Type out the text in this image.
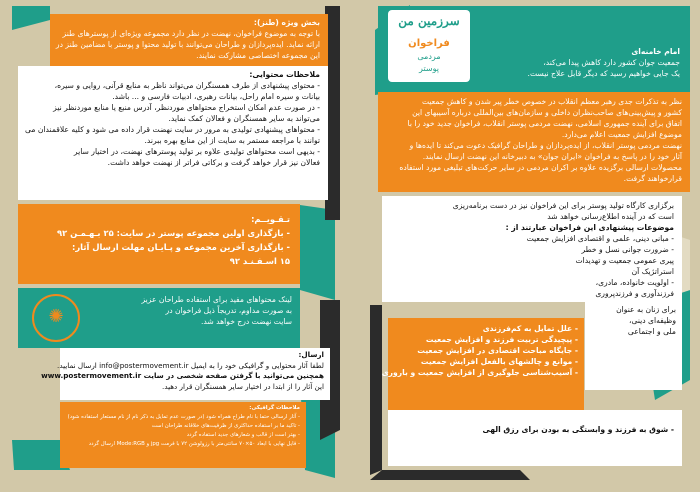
سرزمین من
فراخوان
مردمی
پوستر
امام خامنه‌ای
جمعیت جوان کشور دارد کاهش پیدا می‌کند،
یک جایی خواهیم رسید که دیگر قابل علاج نیست.
نظر به تذکرات جدی رهبر معظم انقلاب در خصوص خطر پیر شدن و کاهش جمعیت
کشور و پیش‌بینی‌های صاحب‌نظران داخلی و سازمان‌های بین‌المللی درباره آسیبهای این
اتفاق برای آینده جمهوری اسلامی، نهضت مردمی پوستر انقلاب، فراخوان جدید خود را با
موضوع افزایش جمعیت اعلام می‌دارد.
نهضت مردمی پوستر انقلاب، از ایده‌پردازان و طراحان گرافیک دعوت می‌کند تا ایده‌ها و
آثار خود را در پاسخ به فراخوان «ایران جوان» به دبیرخانه این نهضت ارسال نمایند.
محصولات ارسالی برگزیده علاوه بر اکران مردمی در سایر حرکت‌های تبلیغی مورد استفاده
قرارخواهند گرفت.
برگزاری کارگاه تولید پوستر برای این فراخوان نیز در دست برنامه‌ریزی
است که در آینده اطلاع‌رسانی خواهد شد
موضوعات پیشنهادی این فراخوان عبارتند از :
- مبانی دینی، علمی و اقتصادی افزایش جمعیت
- ضرورت جوانی نسل و خطر
پیری عمومی جمعیت و تهدیدات
استراتژیک آن
- اولویت خانواده، مادری،
فرزندآوری و فرزندپروری
برای زنان به عنوان
وظیفه‌ای دینی،
ملی و اجتماعی
- علل تمایل به کم‌فرزندی
- پیچیدگی تربیت فرزند و افزایش جمعیت
- جایگاه مباحث اقتصادی در افزایش جمعیت
- موانع و چالشهای بالفعل افزایش جمعیت
- آسیب‌شناسی جلوگیری از افزایش جمعیت و باروری
- شوق به فرزند و وابستگی به بودن برای رزق الهی
بخش ویژه (طنز):
با توجه به موضوع فراخوان، نهضت در نظر دارد مجموعه ویژه‌ای از پوسترهای طنز
ارائه نماید. ایده‌پردازان و طراحان می‌توانند با تولید محتوا و پوستر با مضامین طنز در
این مجموعه اختصاصی مشارکت نمایند.
ملاحظات محتوایی:
- محتوای پیشنهادی از طرف همسنگران می‌تواند ناظر به منابع قرآنی، روایی و سیره،
بیانات و سیره امام راحل، بیانات رهبری، ادبیات فارسی و ... باشد.
- در صورت عدم امکان استخراج محتواهای موردنظر، آدرس منبع یا منابع موردنظر نیز
می‌تواند به سایر همسنگران و فعالان کمک نماید.
- محتواهای پیشنهادی تولیدی به مرور در سایت نهضت قرار داده می شود و کلیه علاقمندان می
توانند با مراجعه مستمر به سایت از این منابع بهره ببرند.
- بدیهی است محتواهای تولیدی علاوه بر تولید پوسترهای نهضت، در اختیار سایر
فعالان نیز قرار خواهد گرفت و برکاتی فراتر از نهضت خواهد داشت.
تـقـویــم:
- بازگذاری اولین مجموعه پوستر در سایت: ۲۵ بـهـمـن ۹۲
- بازگذاری آخرین مجموعه و پـایـان مهلت ارسال آثار:
۱۵ اسـفـنـد ۹۲
✺
لینک محتواهای مفید برای استفاده طراحان عزیز
به صورت مداوم، تدریجاً ذیل فراخوان در
سایت نهضت درج خواهد شد.
ارسال:
لطفا آثار محتوایی و گرافیکی خود را به ایمیل info@postermovement.ir ارسال نمایید.
همچنین می‌توانید با گرفتن صفحه شخصی در سایت www.postermovement.ir
این آثار را از ابتدا در اختیار سایر همسنگران قرار دهید.
ملاحظات گرافیکی:
- آثار ارسالی حتما با نام طراح همراه شود (در صورت عدم تمایل به ذکر نام از نام مستعار استفاده شود)
- تاکید ما بر استفاده حداکثری از ظرفیت‌های خلاقانه طراحان است
- بهتر است از قالب و شعارهای جدید استفاده گردد
- فایل نهایی با ابعاد ۵۰×۷۰ سانتی‌متر با رزولوشن ۷۲ با فرمت jpg و Mode:RGB ارسال گردد
